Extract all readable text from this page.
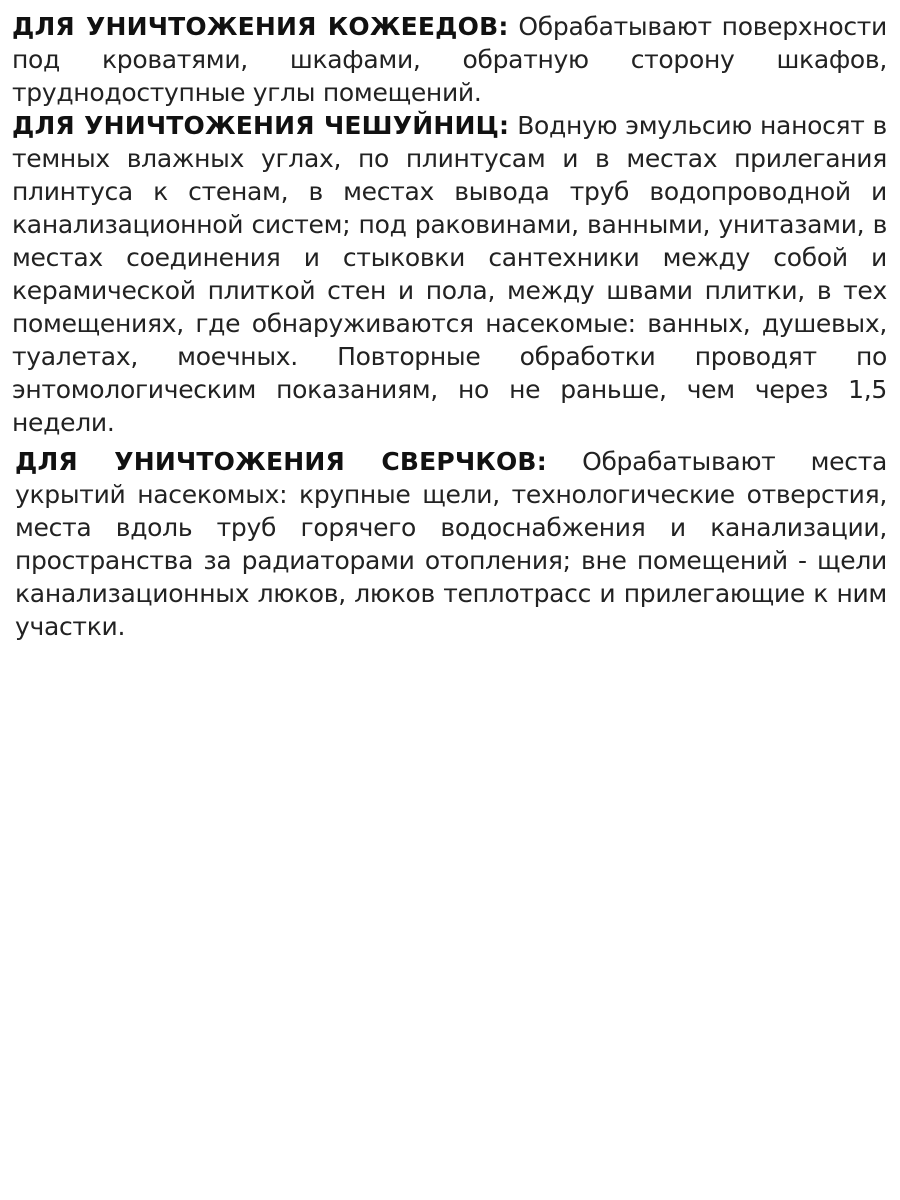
ДЛЯ УНИЧТОЖЕНИЯ КОЖЕЕДОВ: Обрабатывают поверхности под кроватями, шкафами, обратную сторону шкафов, труднодоступные углы помещений.

ДЛЯ УНИЧТОЖЕНИЯ ЧЕШУЙНИЦ: Водную эмульсию наносят в темных влажных углах, по плинтусам и в местах прилегания плинтуса к стенам, в местах вывода труб водопроводной и канализационной систем; под раковинами, ванными, унитазами, в местах соединения и стыковки сантехники между собой и керамической плиткой стен и пола, между швами плитки, в тех помещениях, где обнаруживаются насекомые: ванных, душевых, туалетах, моечных. Повторные обработки проводят по энтомологическим показаниям, но не раньше, чем через 1,5 недели.

ДЛЯ УНИЧТОЖЕНИЯ СВЕРЧКОВ: Обрабатывают места укрытий насекомых: крупные щели, технологические отверстия, места вдоль труб горячего водоснабжения и канализации, пространства за радиаторами отопления; вне помещений - щели канализационных люков, люков теплотрасс и прилегающие к ним участки.
